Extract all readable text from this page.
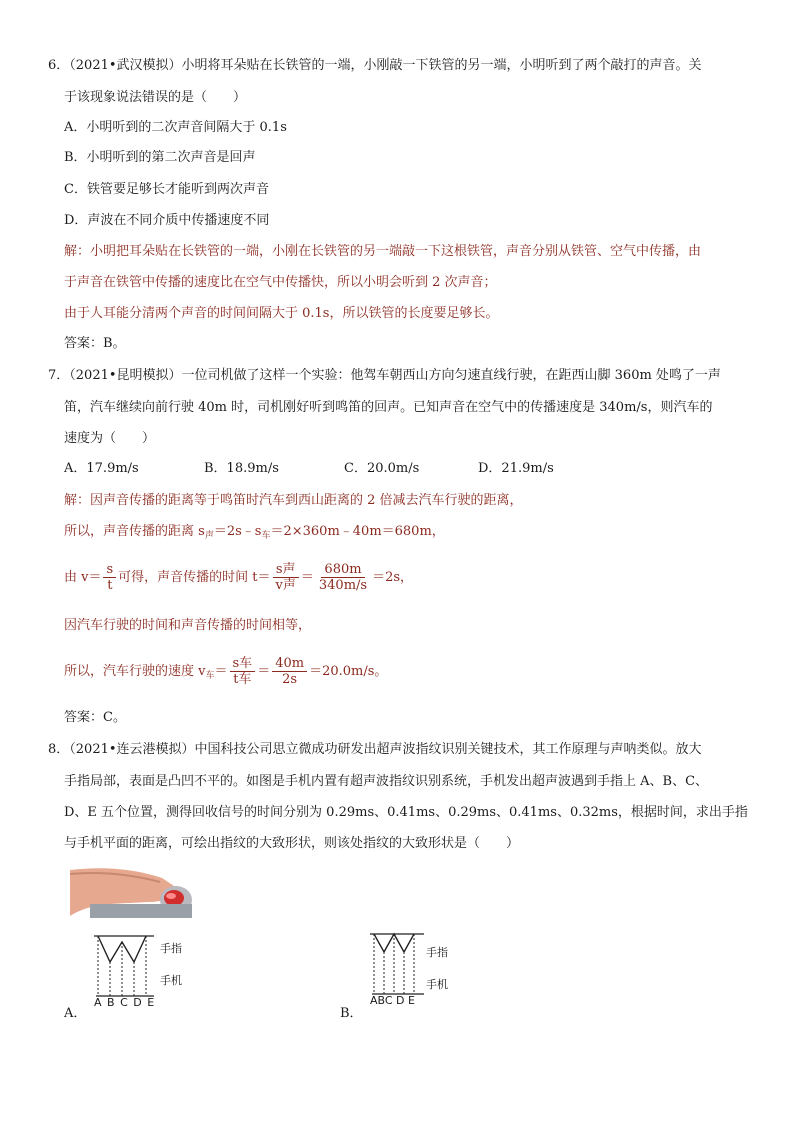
6．（2021•武汉模拟）小明将耳朵贴在长铁管的一端，小刚敲一下铁管的另一端，小明听到了两个敲打的声音。关
于该现象说法错误的是（　　）
A．小明听到的二次声音间隔大于 0.1s
B．小明听到的第二次声音是回声
C．铁管要足够长才能听到两次声音
D．声波在不同介质中传播速度不同
解：小明把耳朵贴在长铁管的一端，小刚在长铁管的另一端敲一下这根铁管，声音分别从铁管、空气中传播，由
于声音在铁管中传播的速度比在空气中传播快，所以小明会听到 2 次声音；
由于人耳能分清两个声音的时间间隔大于 0.1s，所以铁管的长度要足够长。
答案：B。
7．（2021•昆明模拟）一位司机做了这样一个实验：他驾车朝西山方向匀速直线行驶，在距西山脚 360m 处鸣了一声
笛，汽车继续向前行驶 40m 时，司机刚好听到鸣笛的回声。已知声音在空气中的传播速度是 340m/s，则汽车的
速度为（　　）
A．17.9m/s	B．18.9m/s	C．20.0m/s	D．21.9m/s
解：因声音传播的距离等于鸣笛时汽车到西山距离的 2 倍减去汽车行驶的距离，
所以，声音传播的距离 $s_声=2s﹣s_车=2\times 360m﹣40m=680m$，
由 $v= \frac{s}{t}$ 可得，声音传播的时间 $t= \frac{\text{s声}}{\text{v声}} = \frac{680m}{340m/s} =2s$，
因汽车行驶的时间和声音传播的时间相等，
所以，汽车行驶的速度 $v_车= \frac{\text{s车}}{\text{t车}} = \frac{40m}{2s} =20.0m/s$。
答案：C。
8．（2021•连云港模拟）中国科技公司思立微成功研发出超声波指纹识别关键技术，其工作原理与声呐类似。放大
手指局部，表面是凸凹不平的。如图是手机内置有超声波指纹识别系统，手机发出超声波遇到手指上 A、B、C、
D、E 五个位置，测得回收信号的时间分别为 0.29ms、0.41ms、0.29ms、0.41ms、0.32ms，根据时间，求出手指
与手机平面的距离，可绘出指纹的大致形状，则该处指纹的大致形状是（　　）
手指
手机
A B C D E
A．
手指
手机
ABC D E
B．
